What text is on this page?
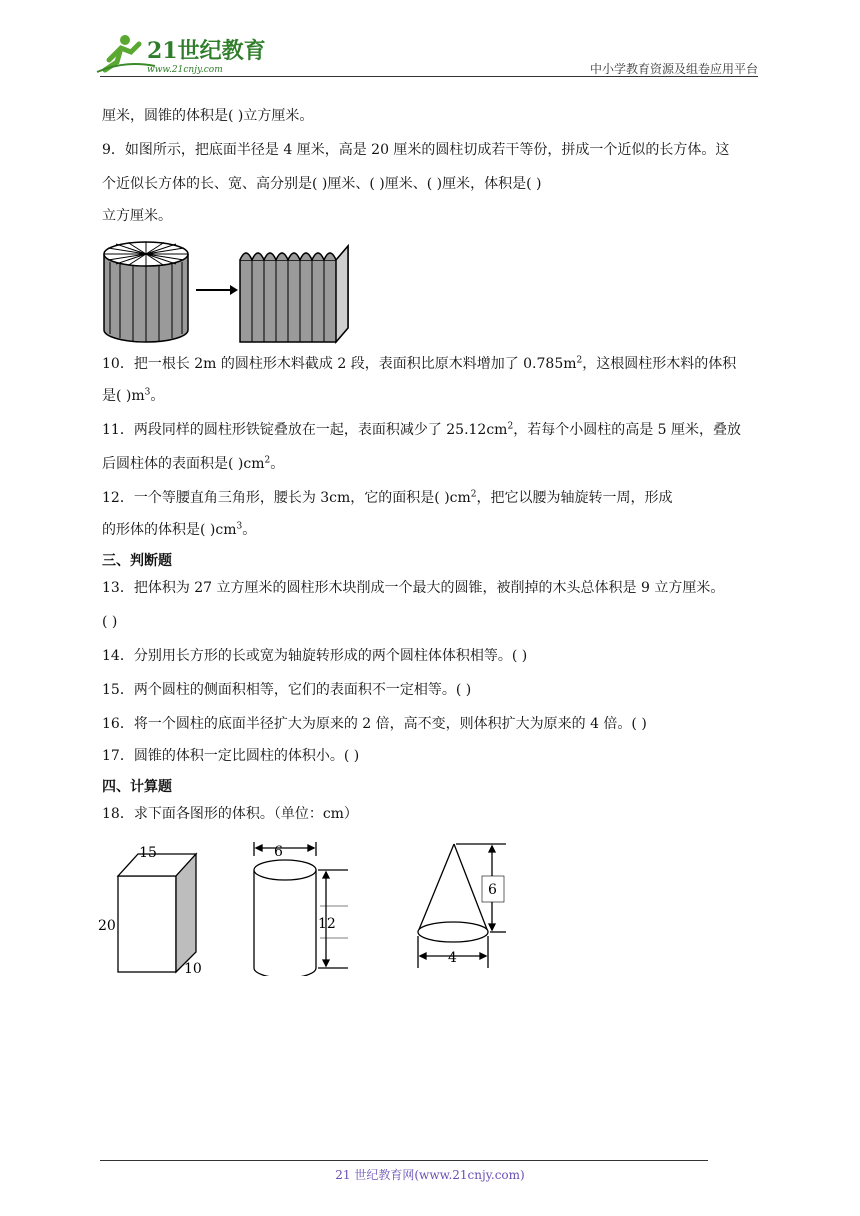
21世纪教育
www.21cnjy.com	中小学教育资源及组卷应用平台
厘米，圆锥的体积是( )立方厘米。
9．如图所示，把底面半径是 4 厘米，高是 20 厘米的圆柱切成若干等份，拼成一个近似的长方体。这
个近似长方体的长、宽、高分别是( )厘米、( )厘米、( )厘米，体积是( )
立方厘米。
10．把一根长 2m 的圆柱形木料截成 2 段，表面积比原木料增加了 $0.785m^2$，这根圆柱形木料的体积
是( )$m^3$。
11．两段同样的圆柱形铁锭叠放在一起，表面积减少了 $25.12cm^2$，若每个小圆柱的高是 5 厘米，叠放
后圆柱体的表面积是( )$cm^2$。
12．一个等腰直角三角形，腰长为 3cm，它的面积是( )$cm^2$，把它以腰为轴旋转一周，形成
的形体的体积是( )$cm^3$。
三、判断题
13．把体积为 27 立方厘米的圆柱形木块削成一个最大的圆锥，被削掉的木头总体积是 9 立方厘米。
( )
14．分别用长方形的长或宽为轴旋转形成的两个圆柱体体积相等。( )
15．两个圆柱的侧面积相等，它们的表面积不一定相等。( )
16．将一个圆柱的底面半径扩大为原来的 2 倍，高不变，则体积扩大为原来的 4 倍。( )
17．圆锥的体积一定比圆柱的体积小。( )
四、计算题
18．求下面各图形的体积。（单位：cm）
15
20
10
6
12
6
4
21 世纪教育网(www.21cnjy.com)
